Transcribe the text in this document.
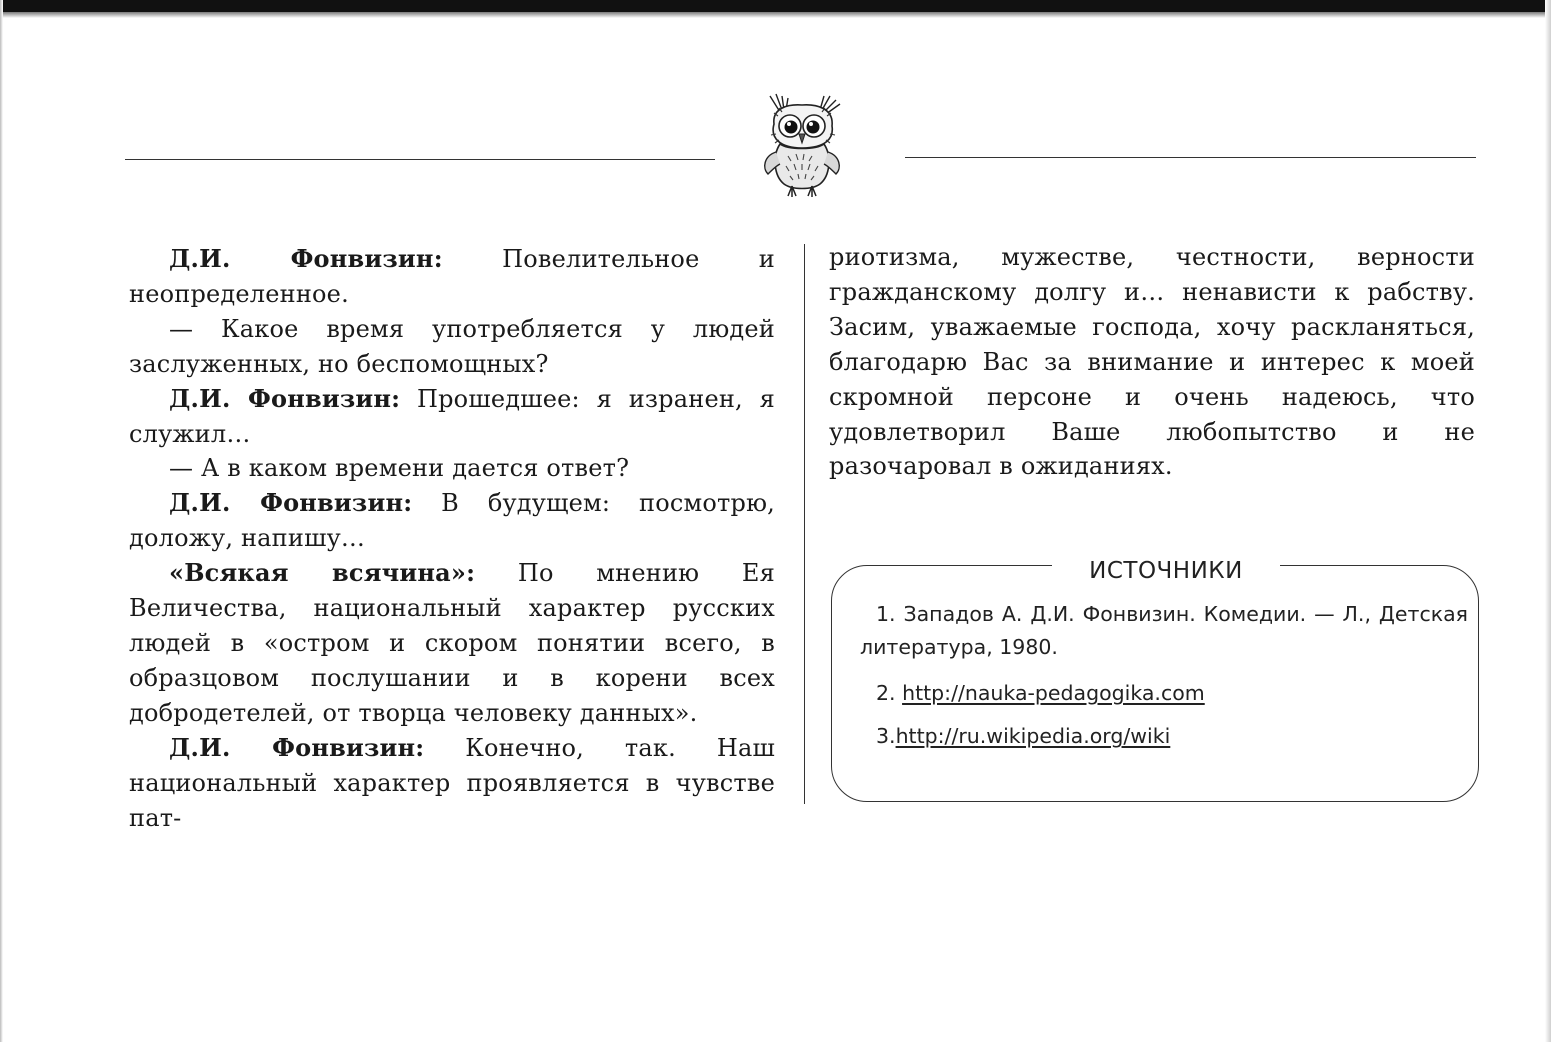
Д.И. Фонвизин: Повелительное и неопределенное.

— Какое время употребляется у людей заслуженных, но беспомощных?

Д.И. Фонвизин: Прошедшее: я изранен, я служил…

— А в каком времени дается ответ?

Д.И. Фонвизин: В будущем: посмотрю, доложу, напишу…

«Всякая всячина»: По мнению Ея Величества, национальный характер русских людей в «остром и скором понятии всего, в образцовом послушании и в корени всех добродетелей, от творца человеку данных».

Д.И. Фонвизин: Конечно, так. Наш национальный характер проявляется в чувстве пат-

риотизма, мужестве, честности, верности гражданскому долгу и… ненависти к рабству. Засим, уважаемые господа, хочу раскланяться, благодарю Вас за внимание и интерес к моей скромной персоне и очень надеюсь, что удовлетворил Ваше любопытство и не разочаровал в ожиданиях.

ИСТОЧНИКИ

1. Западов А. Д.И. Фонвизин. Комедии. — Л., Детская литература, 1980.

2. http://nauka-pedagogika.com

3.http://ru.wikipedia.org/wiki
